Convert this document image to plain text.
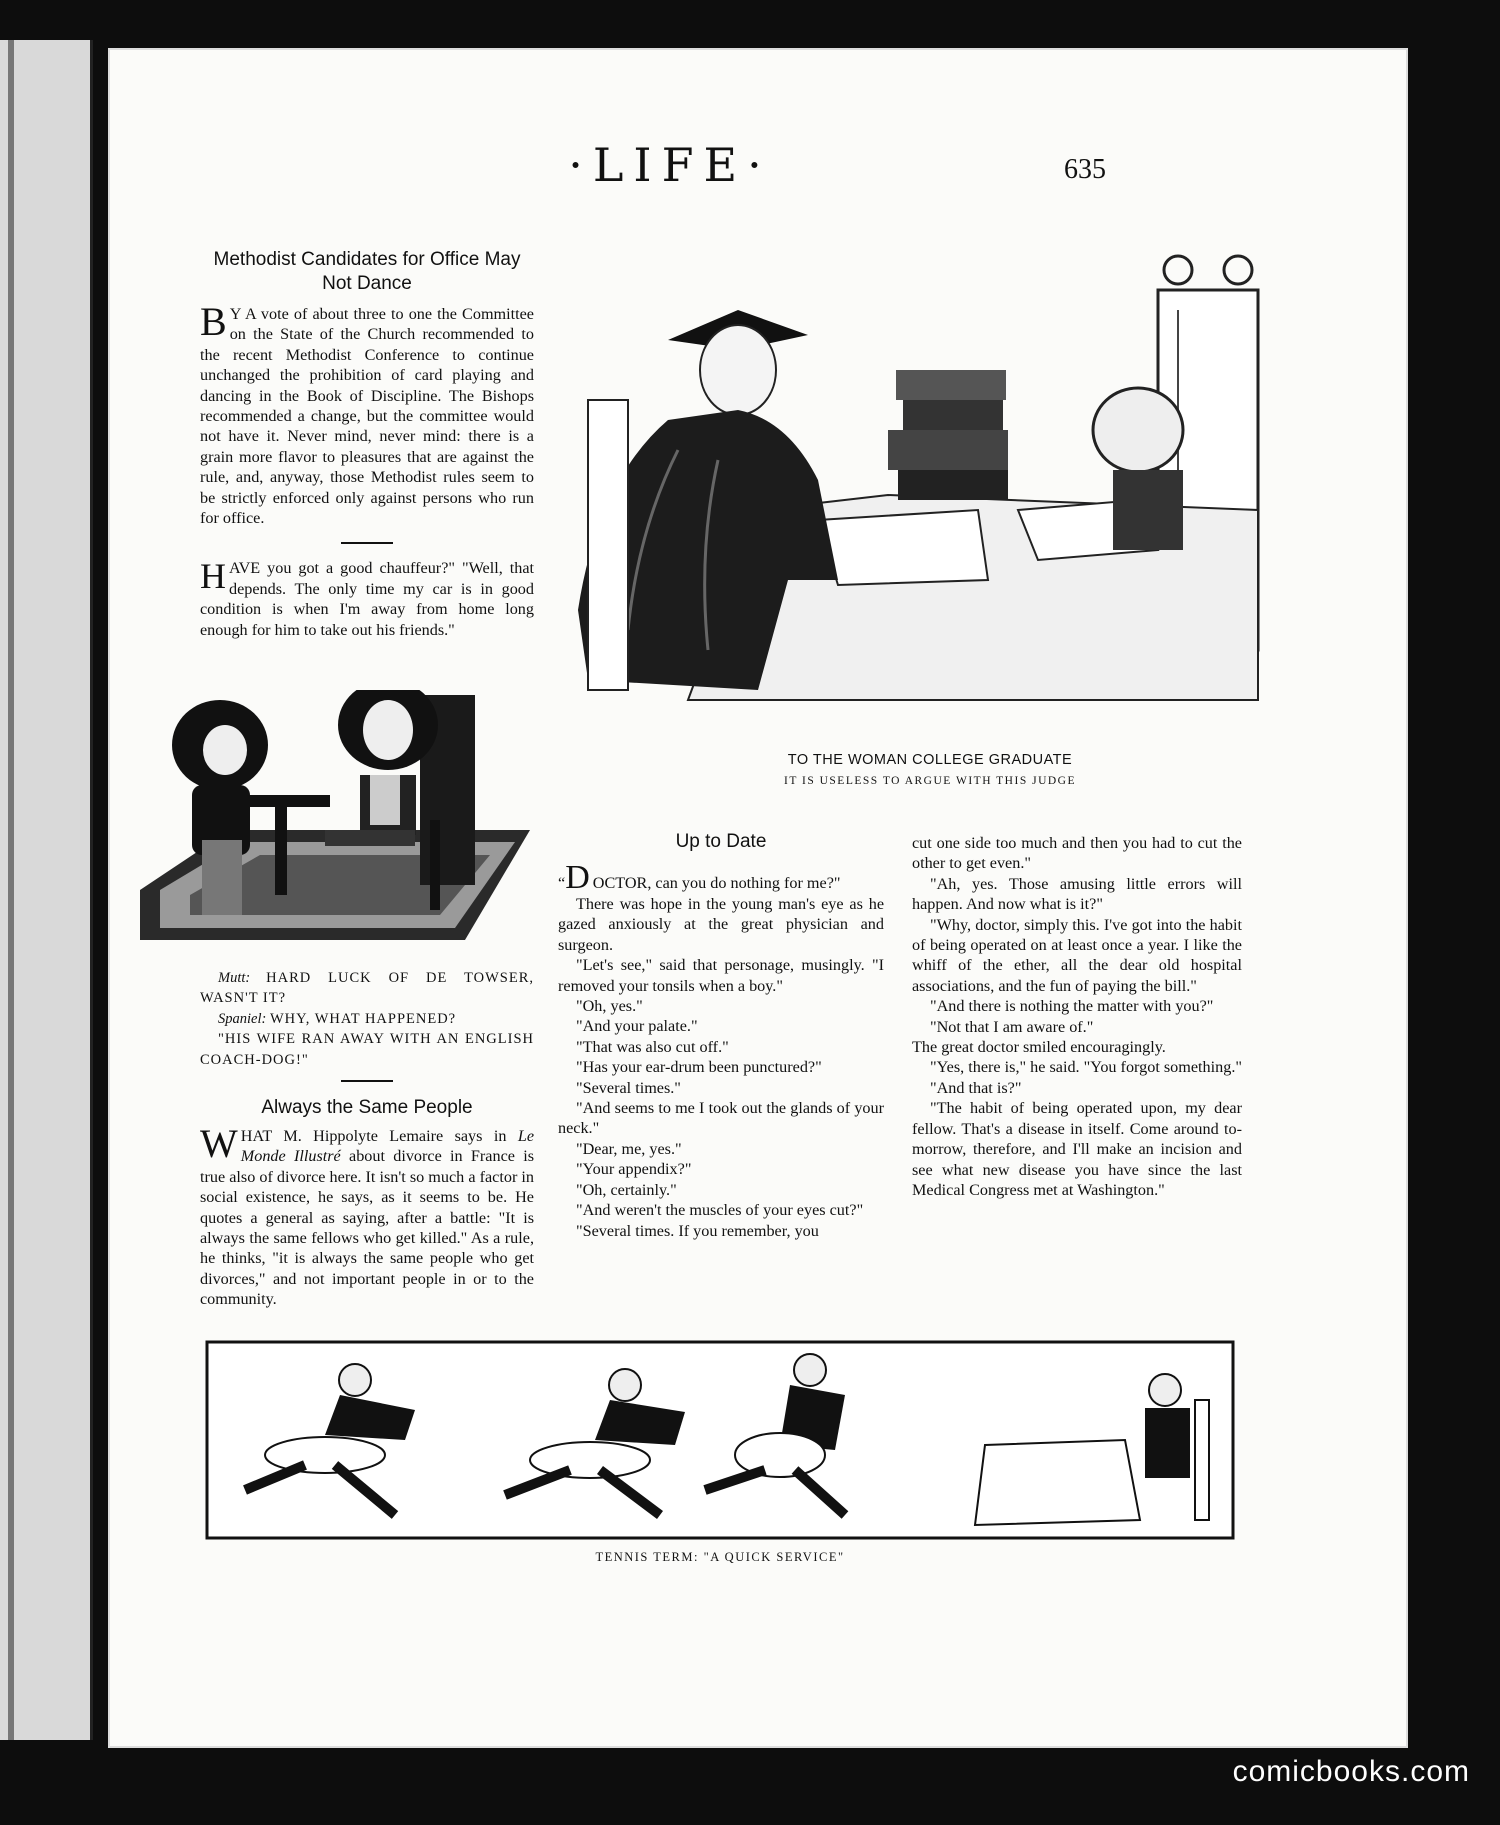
·LIFE·	635
Methodist Candidates for Office May Not Dance

B Y A vote of about three to one the Committee on the State of the Church recommended to the recent Methodist Conference to continue unchanged the prohibition of card playing and dancing in the Book of Discipline. The Bishops recommended a change, but the committee would not have it. Never mind, never mind: there is a grain more flavor to pleasures that are against the rule, and, anyway, those Methodist rules seem to be strictly enforced only against persons who run for office.

HAVE you got a good chauffeur?" "Well, that depends. The only time my car is in good condition is when I'm away from home long enough for him to take out his friends."

Mutt: HARD LUCK OF DE TOWSER, WASN'T IT?

Spaniel: WHY, WHAT HAPPENED?

"HIS WIFE RAN AWAY WITH AN ENGLISH COACH-DOG!"

Always the Same People

WHAT M. Hippolyte Lemaire says in Le Monde Illustré about divorce in France is true also of divorce here. It isn't so much a factor in social existence, he says, as it seems to be. He quotes a general as saying, after a battle: "It is always the same fellows who get killed." As a rule, he thinks, "it is always the same people who get divorces," and not important people in or to the community.

TO THE WOMAN COLLEGE GRADUATE
IT IS USELESS TO ARGUE WITH THIS JUDGE
Up to Date

“D OCTOR, can you do nothing for me?"

There was hope in the young man's eye as he gazed anxiously at the great physician and surgeon.

"Let's see," said that personage, musingly. "I removed your tonsils when a boy."

"Oh, yes."

"And your palate."

"That was also cut off."

"Has your ear-drum been punctured?"

"Several times."

"And seems to me I took out the glands of your neck."

"Dear, me, yes."

"Your appendix?"

"Oh, certainly."

"And weren't the muscles of your eyes cut?"

"Several times. If you remember, you

cut one side too much and then you had to cut the other to get even."

"Ah, yes. Those amusing little errors will happen. And now what is it?"

"Why, doctor, simply this. I've got into the habit of being operated on at least once a year. I like the whiff of the ether, all the dear old hospital associations, and the fun of paying the bill."

"And there is nothing the matter with you?"

"Not that I am aware of."

The great doctor smiled encouragingly.

"Yes, there is," he said. "You forgot something."

"And that is?"

"The habit of being operated upon, my dear fellow. That's a disease in itself. Come around to-morrow, therefore, and I'll make an incision and see what new disease you have since the last Medical Congress met at Washington."

TENNIS TERM: "A QUICK SERVICE"
comicbooks.com
